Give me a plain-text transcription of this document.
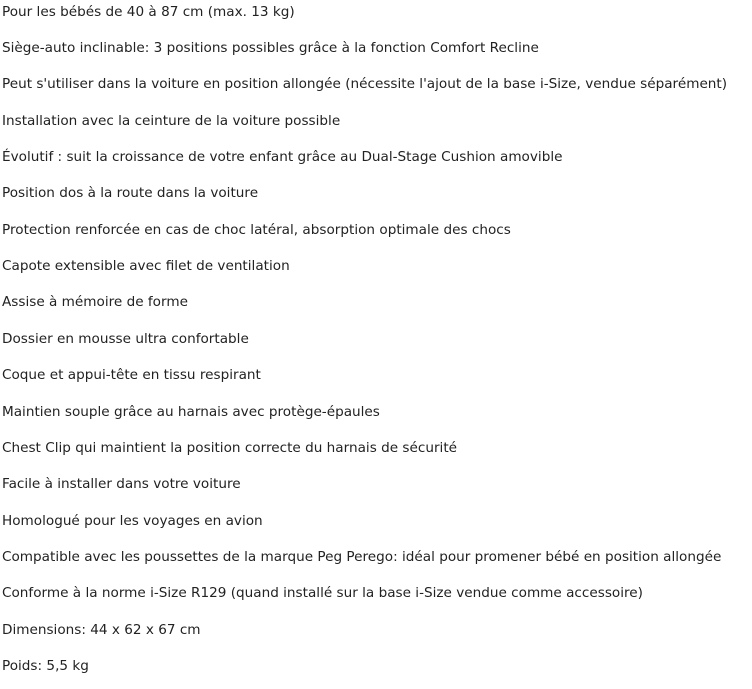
Pour les bébés de 40 à 87 cm (max. 13 kg)
Siège-auto inclinable: 3 positions possibles grâce à la fonction Comfort Recline
Peut s'utiliser dans la voiture en position allongée (nécessite l'ajout de la base i-Size, vendue séparément)
Installation avec la ceinture de la voiture possible
Évolutif : suit la croissance de votre enfant grâce au Dual-Stage Cushion amovible
Position dos à la route dans la voiture
Protection renforcée en cas de choc latéral, absorption optimale des chocs
Capote extensible avec filet de ventilation
Assise à mémoire de forme
Dossier en mousse ultra confortable
Coque et appui-tête en tissu respirant
Maintien souple grâce au harnais avec protège-épaules
Chest Clip qui maintient la position correcte du harnais de sécurité
Facile à installer dans votre voiture
Homologué pour les voyages en avion
Compatible avec les poussettes de la marque Peg Perego: idéal pour promener bébé en position allongée
Conforme à la norme i-Size R129 (quand installé sur la base i-Size vendue comme accessoire)
Dimensions: 44 x 62 x 67 cm
Poids: 5,5 kg
